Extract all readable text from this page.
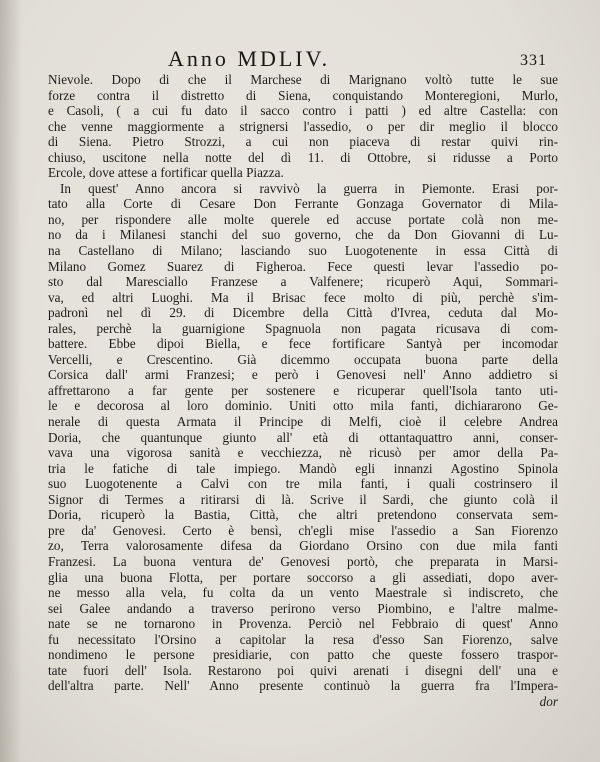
Anno MDLIV.	331
Nievole. Dopo di che il Marchese di Marignano voltò tutte le sue
forze contra il distretto di Siena, conquistando Monteregioni, Murlo,
e Casoli, ( a cui fu dato il sacco contro i patti ) ed altre Castella: con
che venne maggiormente a strignersi l'assedio, o per dir meglio il blocco
di Siena. Pietro Strozzi, a cui non piaceva di restar quivi rin-
chiuso, uscitone nella notte del dì 11. di Ottobre, si ridusse a Porto
Ercole, dove attese a fortificar quella Piazza.
In quest' Anno ancora si ravvivò la guerra in Piemonte. Erasi por-
tato alla Corte di Cesare Don Ferrante Gonzaga Governator di Mila-
no, per rispondere alle molte querele ed accuse portate colà non me-
no da i Milanesi stanchi del suo governo, che da Don Giovanni di Lu-
na Castellano di Milano; lasciando suo Luogotenente in essa Città di
Milano Gomez Suarez di Figheroa. Fece questi levar l'assedio po-
sto dal Maresciallo Franzese a Valfenere; ricuperò Aqui, Sommari-
va, ed altri Luoghi. Ma il Brisac fece molto di più, perchè s'im-
padronì nel dì 29. di Dicembre della Città d'Ivrea, ceduta dal Mo-
rales, perchè la guarnigione Spagnuola non pagata ricusava di com-
battere. Ebbe dipoi Biella, e fece fortificare Santyà per incomodar
Vercelli, e Crescentino. Già dicemmo occupata buona parte della
Corsica dall' armi Franzesi; e però i Genovesi nell' Anno addietro si
affrettarono a far gente per sostenere e ricuperar quell'Isola tanto uti-
le e decorosa al loro dominio. Uniti otto mila fanti, dichiararono Ge-
nerale di questa Armata il Principe di Melfi, cioè il celebre Andrea
Doria, che quantunque giunto all' età di ottantaquattro anni, conser-
vava una vigorosa sanità e vecchiezza, nè ricusò per amor della Pa-
tria le fatiche di tale impiego. Mandò egli innanzi Agostino Spinola
suo Luogotenente a Calvi con tre mila fanti, i quali costrinsero il
Signor di Termes a ritirarsi di là. Scrive il Sardi, che giunto colà il
Doria, ricuperò la Bastia, Città, che altri pretendono conservata sem-
pre da' Genovesi. Certo è bensì, ch'egli mise l'assedio a San Fiorenzo
zo, Terra valorosamente difesa da Giordano Orsino con due mila fanti
Franzesi. La buona ventura de' Genovesi portò, che preparata in Marsi-
glia una buona Flotta, per portare soccorso a gli assediati, dopo aver-
ne messo alla vela, fu colta da un vento Maestrale sì indiscreto, che
sei Galee andando a traverso perirono verso Piombino, e l'altre malme-
nate se ne tornarono in Provenza. Perciò nel Febbraio di quest' Anno
fu necessitato l'Orsino a capitolar la resa d'esso San Fiorenzo, salve
nondimeno le persone presidiarie, con patto che queste fossero traspor-
tate fuori dell' Isola. Restarono poi quivi arenati i disegni dell' una e
dell'altra parte. Nell' Anno presente continuò la guerra fra l'Impera-
dor
